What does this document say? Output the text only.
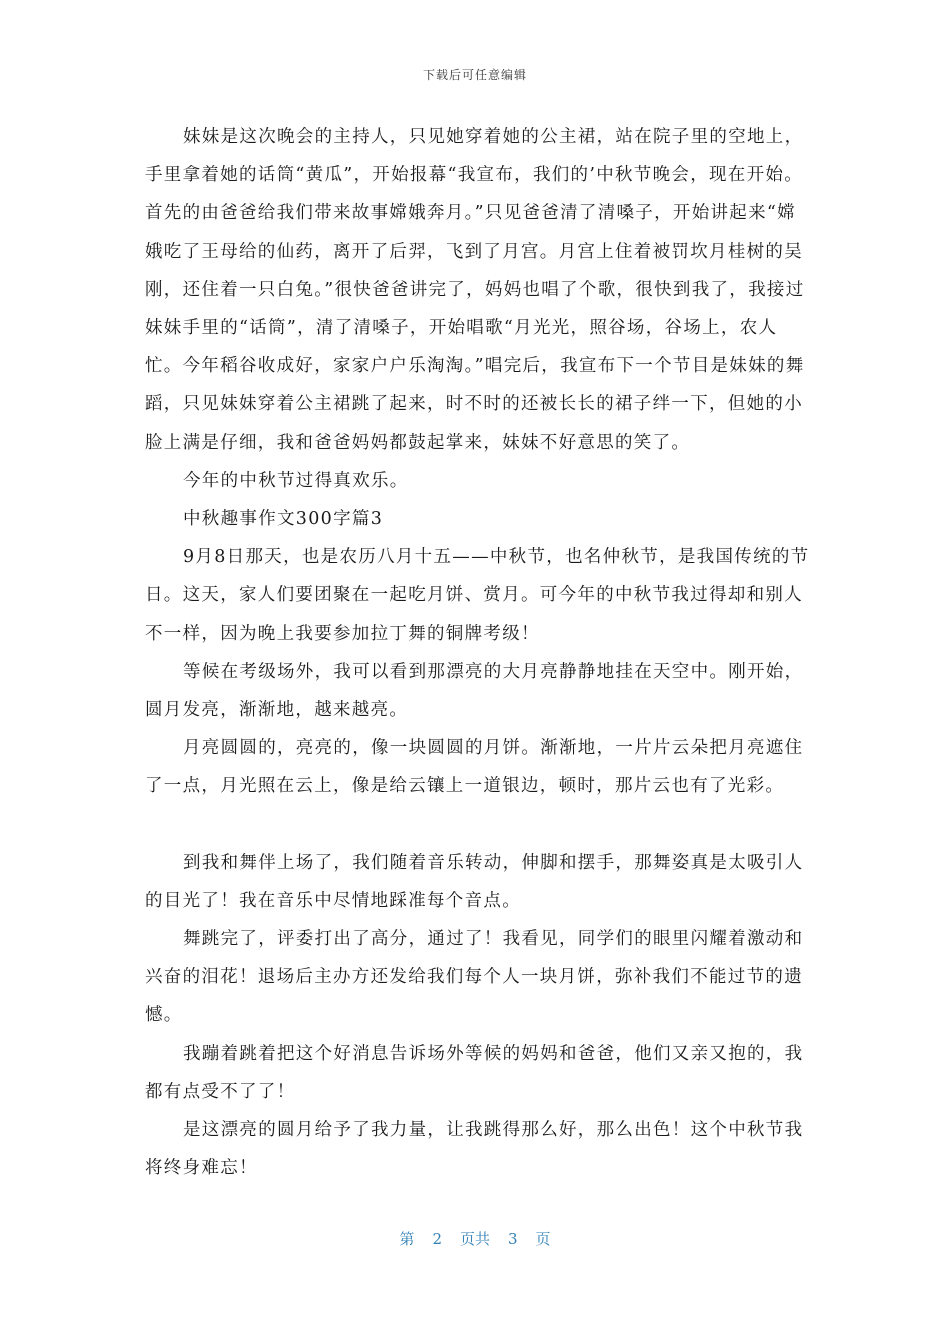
下载后可任意编辑

妹妹是这次晚会的主持人，只见她穿着她的公主裙，站在院子里的空地上，手里拿着她的话筒“黄瓜”，开始报幕“我宣布，我们的’中秋节晚会，现在开始。首先的由爸爸给我们带来故事嫦娥奔月。”只见爸爸清了清嗓子，开始讲起来“嫦娥吃了王母给的仙药，离开了后羿，飞到了月宫。月宫上住着被罚坎月桂树的吴刚，还住着一只白兔。”很快爸爸讲完了，妈妈也唱了个歌，很快到我了，我接过妹妹手里的“话筒”，清了清嗓子，开始唱歌“月光光，照谷场，谷场上，农人忙。今年稻谷收成好，家家户户乐淘淘。”唱完后，我宣布下一个节目是妹妹的舞蹈，只见妹妹穿着公主裙跳了起来，时不时的还被长长的裙子绊一下，但她的小脸上满是仔细，我和爸爸妈妈都鼓起掌来，妹妹不好意思的笑了。

今年的中秋节过得真欢乐。

中秋趣事作文300字篇3

9月8日那天，也是农历八月十五——中秋节，也名仲秋节，是我国传统的节日。这天，家人们要团聚在一起吃月饼、赏月。可今年的中秋节我过得却和别人不一样，因为晚上我要参加拉丁舞的铜牌考级！

等候在考级场外，我可以看到那漂亮的大月亮静静地挂在天空中。刚开始，圆月发亮，渐渐地，越来越亮。

月亮圆圆的，亮亮的，像一块圆圆的月饼。渐渐地，一片片云朵把月亮遮住了一点，月光照在云上，像是给云镶上一道银边，顿时，那片云也有了光彩。

到我和舞伴上场了，我们随着音乐转动，伸脚和摆手，那舞姿真是太吸引人的目光了！我在音乐中尽情地踩准每个音点。

舞跳完了，评委打出了高分，通过了！我看见，同学们的眼里闪耀着激动和兴奋的泪花！退场后主办方还发给我们每个人一块月饼，弥补我们不能过节的遗憾。

我蹦着跳着把这个好消息告诉场外等候的妈妈和爸爸，他们又亲又抱的，我都有点受不了了！

是这漂亮的圆月给予了我力量，让我跳得那么好，那么出色！这个中秋节我将终身难忘！

第 2 页共 3 页
